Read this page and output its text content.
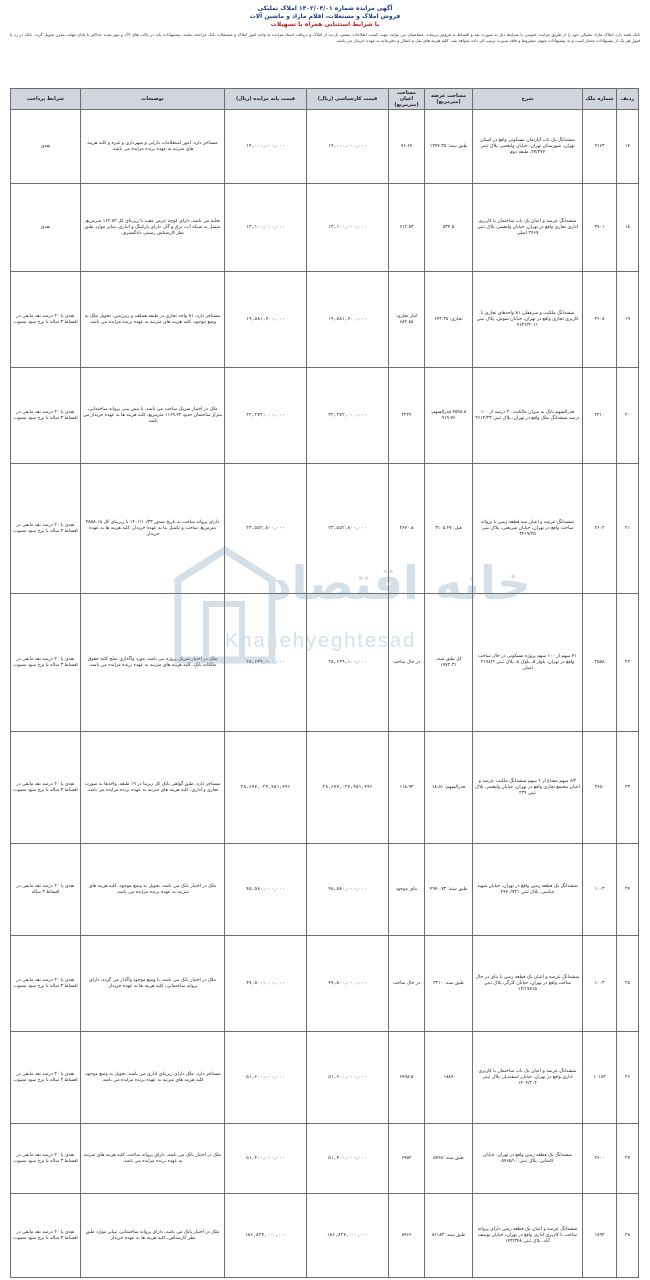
آگهی مزایده شماره ۱۴۰۲/۰۴/۰۱ املاک تملیکی
فروش املاک و مستغلات، اقلام مازاد و ماشین آلات
با شرایط استثنایی همراه با تسهیلات
بانک قصد دارد املاک مازاد تملیکی خود را از طریق مزایده عمومی با شرایط ذیل به صورت نقد و اقساط به فروش برساند. متقاضیان می توانند جهت کسب اطلاعات بیشتر، بازدید از املاک و دریافت اسناد مزایده به واحد امور املاک و مستغلات بانک مراجعه نمایند. پیشنهادات باید در پاکت های لاک و مهر شده حداکثر تا پایان مهلت مقرر تحویل گردد. بانک در رد یا قبول هر یک از پیشنهادات مختار است و به پیشنهادات مبهم، مشروط و فاقد سپرده ترتیب اثر داده نخواهد شد. کلیه هزینه های نقل و انتقال و دفترخانه به عهده خریدار می باشد.
ردیف	شماره ملک	شرح	مساحت عرصه (مترمربع)	مساحت اعیان (مترمربع)	قیمت کارشناسی (ریال)	قیمت پایه مزایده (ریال)	توضیحات	شرایط پرداخت
۱۷	۲۶۶۳	ششدانگ یک باب آپارتمان مسکونی واقع در استان تهران، شهرستان تهران، خیابان ولیعصر، پلاک ثبتی ۳۷/۲۷۷، طبقه دوم	طبق سند: ۱۲۴۷.۳۵	۷۶.۶۷	۱۴,۰۰۰,۰۰۰,۰۰۰	۱۴,۰۰۰,۰۰۰,۰۰۰	مستاجر دارد، امور استعلامات دارایی و شهرداری و غیره و کلیه هزینه های مترتبه به عهده برنده مزایده می باشد.	نقدی
۱۸	۲۷۰۱	ششدانگ عرصه و اعیان یک باب ساختمان با کاربری اداری تجاری واقع در تهران، خیابان ولیعصر، پلاک ثبتی ۲۴۶۷ اصلی	۵۳۴.۵	۶۱۲.۸۳	۱۳,۱۰۰,۰۰۰,۰۰۰	۱۳,۱۰۰,۰۰۰,۰۰۰	تخلیه می باشد، دارای کوچه عرض عقب با زیربنای کل ۱۶۲.۸۳ مترمربع، متصل به شبکه آب، برق و گاز، دارای پارکینگ و انباری، سایر موارد طبق نظر کارشناس رسمی دادگستری.	نقدی
۱۹	۲۶۰۸	ششدانگ ملکیت و سرقفلی ۸۱ واحدهای تجاری با کاربری تجاری واقع در تهران، خیابان شوش، پلاک ثبتی ۴۶۳۶/۳۰۱۱	تجاری: ۶۴۳.۳۸	انبار تجاری: ۶۸۲.۵۸	۱۹,۵۸۱,۷۰۰,۰۰۰	۱۹,۵۸۱,۷۰۰,۰۰۰	مستاجر دارد، ۸۱ واحد تجاری در طبقه همکف و زیرزمین، تحویل ملک به وضع موجود، کلیه هزینه های مترتبه به عهده برنده مزایده می باشد.	نقدی یا ۲۰ درصد نقد مابقی در اقساط ۳ ساله با نرخ سود مصوب
۲۰	۲۲۱۰	قدرالسهم بانک به میزان مالکیت ۲۰ درصد از ۱۰۰ درصد ششدانگ ملک واقع در تهران، پلاک ثبتی ۲۶۱۲/۲۳	۴۵۹۸.۸ قدرالسهم: ۹۱۹.۷۶	۲۲۲۹	۲۲,۲۷۲,۰۰۰,۰۰۰	۲۲,۲۷۲,۰۰۰,۰۰۰	ملک در اختیار شریک ساخت می باشد، با پیش بینی پروانه ساختمانی، متراژ ساختمان حدود ۱۱۶۹.۴۲ مترمربع، کلیه هزینه ها به عهده خریدار می باشد.	نقدی یا ۲۰ درصد نقد مابقی در اقساط ۳ ساله با نرخ سود مصوب
۲۱	۲۶۰۲	ششدانگ عرصه و اعیان سه قطعه زمین با پروانه ساخت واقع در تهران، خیابان شریعتی، پلاک ثبتی ۳۴۱۹/۲۵	قبل: ۳۱۰۵.۴۷	۲۶۷۰.۸	۲۳,۵۵۲,۸۰۰,۰۰۰	۲۳,۵۵۲,۸۰۰,۰۰۰	دارای پروانه ساخت به تاریخ صدور ۱۴۰۱/۱۰/۲۳ با زیربنای کل ۴۵۸۸.۱۸ مترمربع، ساخت و تکمیل بنا به عهده خریدار، کلیه هزینه ها به عهده خریدار.	نقدی یا ۲۰ درصد نقد مابقی در اقساط ۳ ساله با نرخ سود مصوب
۲۲	۲۵۵۸	۴۱ سهم از ۱۰۰ سهم پروژه مسکونی در حال ساخت واقع در تهران، بلوار ۵، بلوک ۵، پلاک ثبتی ۲۱۹۸/۲ اصلی	کل طبق سند: ۱۷۷۲.۳۱	در حال ساخت	۲۸,۶۳۹,۱۰۰,۰۰۰	۲۸,۶۳۹,۱۰۰,۰۰۰	ملک در اختیار شریک پروژه می باشد، مورد واگذاری صلح کلیه حقوق مالکانه بانک، کلیه هزینه های مترتبه به عهده برنده مزایده می باشد.	نقدی یا ۲۰ درصد نقد مابقی در اقساط ۳ ساله با نرخ سود مصوب
۲۳	۲۶۵۰	۶/۲ سهم مشاع از ۶ سهم ششدانگ ملکیت عرصه و اعیان مجتمع تجاری واقع در تهران، خیابان ولیعصر، پلاک ثبتی ۲۳۹	قدرالسهم: ۱۸.۵۱	۱۱۸.۹۳	۲۸,۶۷۷,۰۲۴,۴۵۱,۴۹۶	۲۸,۶۷۷,۰۲۴,۴۵۱,۴۹۶	مستاجر دارد، طبق گواهی بانک کل زیربنا در ۱۹ طبقه، واحدها به صورت تجاری و اداری، کلیه هزینه های مترتبه به عهده برنده مزایده می باشد.	نقدی یا ۲۰ درصد نقد مابقی در اقساط ۳ ساله با نرخ سود مصوب
۲۴	۱۰۰۳	ششدانگ یک قطعه زمین واقع در تهران، خیابان شهید عباسی، پلاک ثبتی ۴۹۷۰/۷۳۱	طبق سند: ۴۹۷۰.۷۳	بنای موجود	۴۵,۵۸۰,۰۰۰,۰۰۰	۴۵,۵۸۰,۰۰۰,۰۰۰	ملک در اختیار بانک می باشد، تحویل به وضع موجود، کلیه هزینه های مترتبه به عهده برنده مزایده می باشد.	نقدی یا ۲۰ درصد نقد مابقی در اقساط ۳ ساله
۲۵	۱۰۰۳	ششدانگ عرصه و اعیان یک قطعه زمین با بنای در حال ساخت واقع در تهران، خیابان کارگر، پلاک ثبتی ۱۲/۱۷۷۱۵	طبق سند: ۳۳۱۰	در حال ساخت	۴۷,۵۰۰,۰۰۰,۰۰۰	۴۷,۵۰۰,۰۰۰,۰۰۰	ملک در اختیار بانک می باشد، با وضع موجود واگذار می گردد، دارای پروانه ساختمانی، کلیه هزینه ها به عهده خریدار.	نقدی یا ۲۰ درصد نقد مابقی در اقساط ۳ ساله با نرخ سود مصوب
۲۶	۱۰۱۸۳	ششدانگ عرصه و اعیان یک باب ساختمان با کاربری اداری واقع در تهران، خیابان اسفندیار، پلاک ثبتی ۱۴۰۴/۲۰۲	۱۸۸۹	۶۷۹۸.۵	۵۱,۶۰۰,۰۰۰,۰۰۰	۵۱,۶۰۰,۰۰۰,۰۰۰	مستاجر دارد، ملک دارای زیربنای اداری می باشد، تحویل به وضع موجود، کلیه هزینه های مترتبه به عهده برنده مزایده می باشد.	نقدی یا ۲۰ درصد نقد مابقی در اقساط ۳ ساله با نرخ سود مصوب
۲۷	۲۶۰۰	ششدانگ یک قطعه زمین واقع در تهران، خیابان کاشانی، پلاک ثبتی ۵۷۶۵/۱۰	طبق سند: ۵۷۶۵	۶۹۵۲	۵۱,۴۰۰,۰۰۰,۰۰۰	۵۱,۴۰۰,۰۰۰,۰۰۰	ملک در اختیار بانک می باشد، دارای پروانه ساخت، کلیه هزینه های مترتبه به عهده برنده مزایده می باشد.	نقدی یا ۲۰ درصد نقد مابقی در اقساط ۳ ساله با نرخ سود مصوب
۲۸	۱۸۹۳	ششدانگ عرصه و اعیان یک قطعه زمین دارای پروانه ساخت با کاربری اداری واقع در تهران، خیابان یوسف آباد، پلاک ثبتی ۱۴۳/۳۴۸	طبق سند: ۸۶۱۸۳	۸۹۶۶	۱۸۶,۸۲۷,۰۰۰,۰۰۰	۱۸۶,۸۲۷,۰۰۰,۰۰۰	ملک در اختیار بانک می باشد، دارای پروانه ساختمانی، سایر موارد طبق نظر کارشناس، کلیه هزینه ها به عهده خریدار.	نقدی یا ۲۰ درصد نقد مابقی در اقساط ۳ ساله با نرخ سود مصوب
خانه اقتصاد
Khanehyeghtesad
